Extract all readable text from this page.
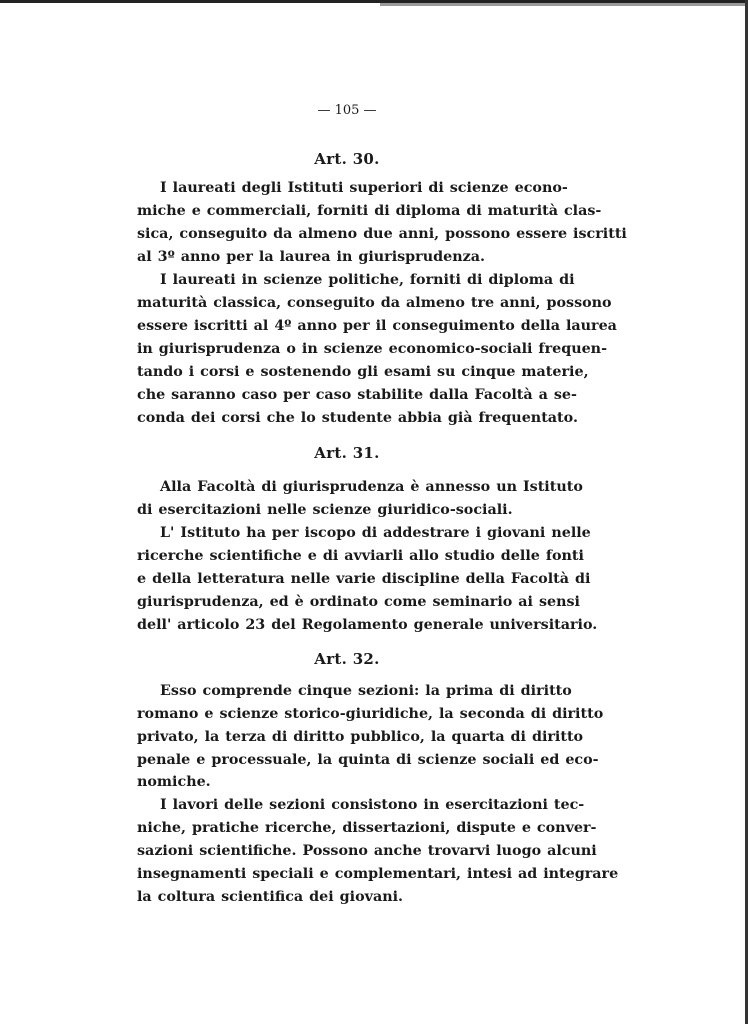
— 105 —
Art. 30.
I laureati degli Istituti superiori di scienze econo-
miche e commerciali, forniti di diploma di maturità clas-
sica, conseguito da almeno due anni, possono essere iscritti
al 3º anno per la laurea in giurisprudenza.
I laureati in scienze politiche, forniti di diploma di
maturità classica, conseguito da almeno tre anni, possono
essere iscritti al 4º anno per il conseguimento della laurea
in giurisprudenza o in scienze economico-sociali frequen-
tando i corsi e sostenendo gli esami su cinque materie,
che saranno caso per caso stabilite dalla Facoltà a se-
conda dei corsi che lo studente abbia già frequentato.
Art. 31.
Alla Facoltà di giurisprudenza è annesso un Istituto
di esercitazioni nelle scienze giuridico-sociali.
L' Istituto ha per iscopo di addestrare i giovani nelle
ricerche scientifiche e di avviarli allo studio delle fonti
e della letteratura nelle varie discipline della Facoltà di
giurisprudenza, ed è ordinato come seminario ai sensi
dell' articolo 23 del Regolamento generale universitario.
Art. 32.
Esso comprende cinque sezioni: la prima di diritto
romano e scienze storico-giuridiche, la seconda di diritto
privato, la terza di diritto pubblico, la quarta di diritto
penale e processuale, la quinta di scienze sociali ed eco-
nomiche.
I lavori delle sezioni consistono in esercitazioni tec-
niche, pratiche ricerche, dissertazioni, dispute e conver-
sazioni scientifiche. Possono anche trovarvi luogo alcuni
insegnamenti speciali e complementari, intesi ad integrare
la coltura scientifica dei giovani.
